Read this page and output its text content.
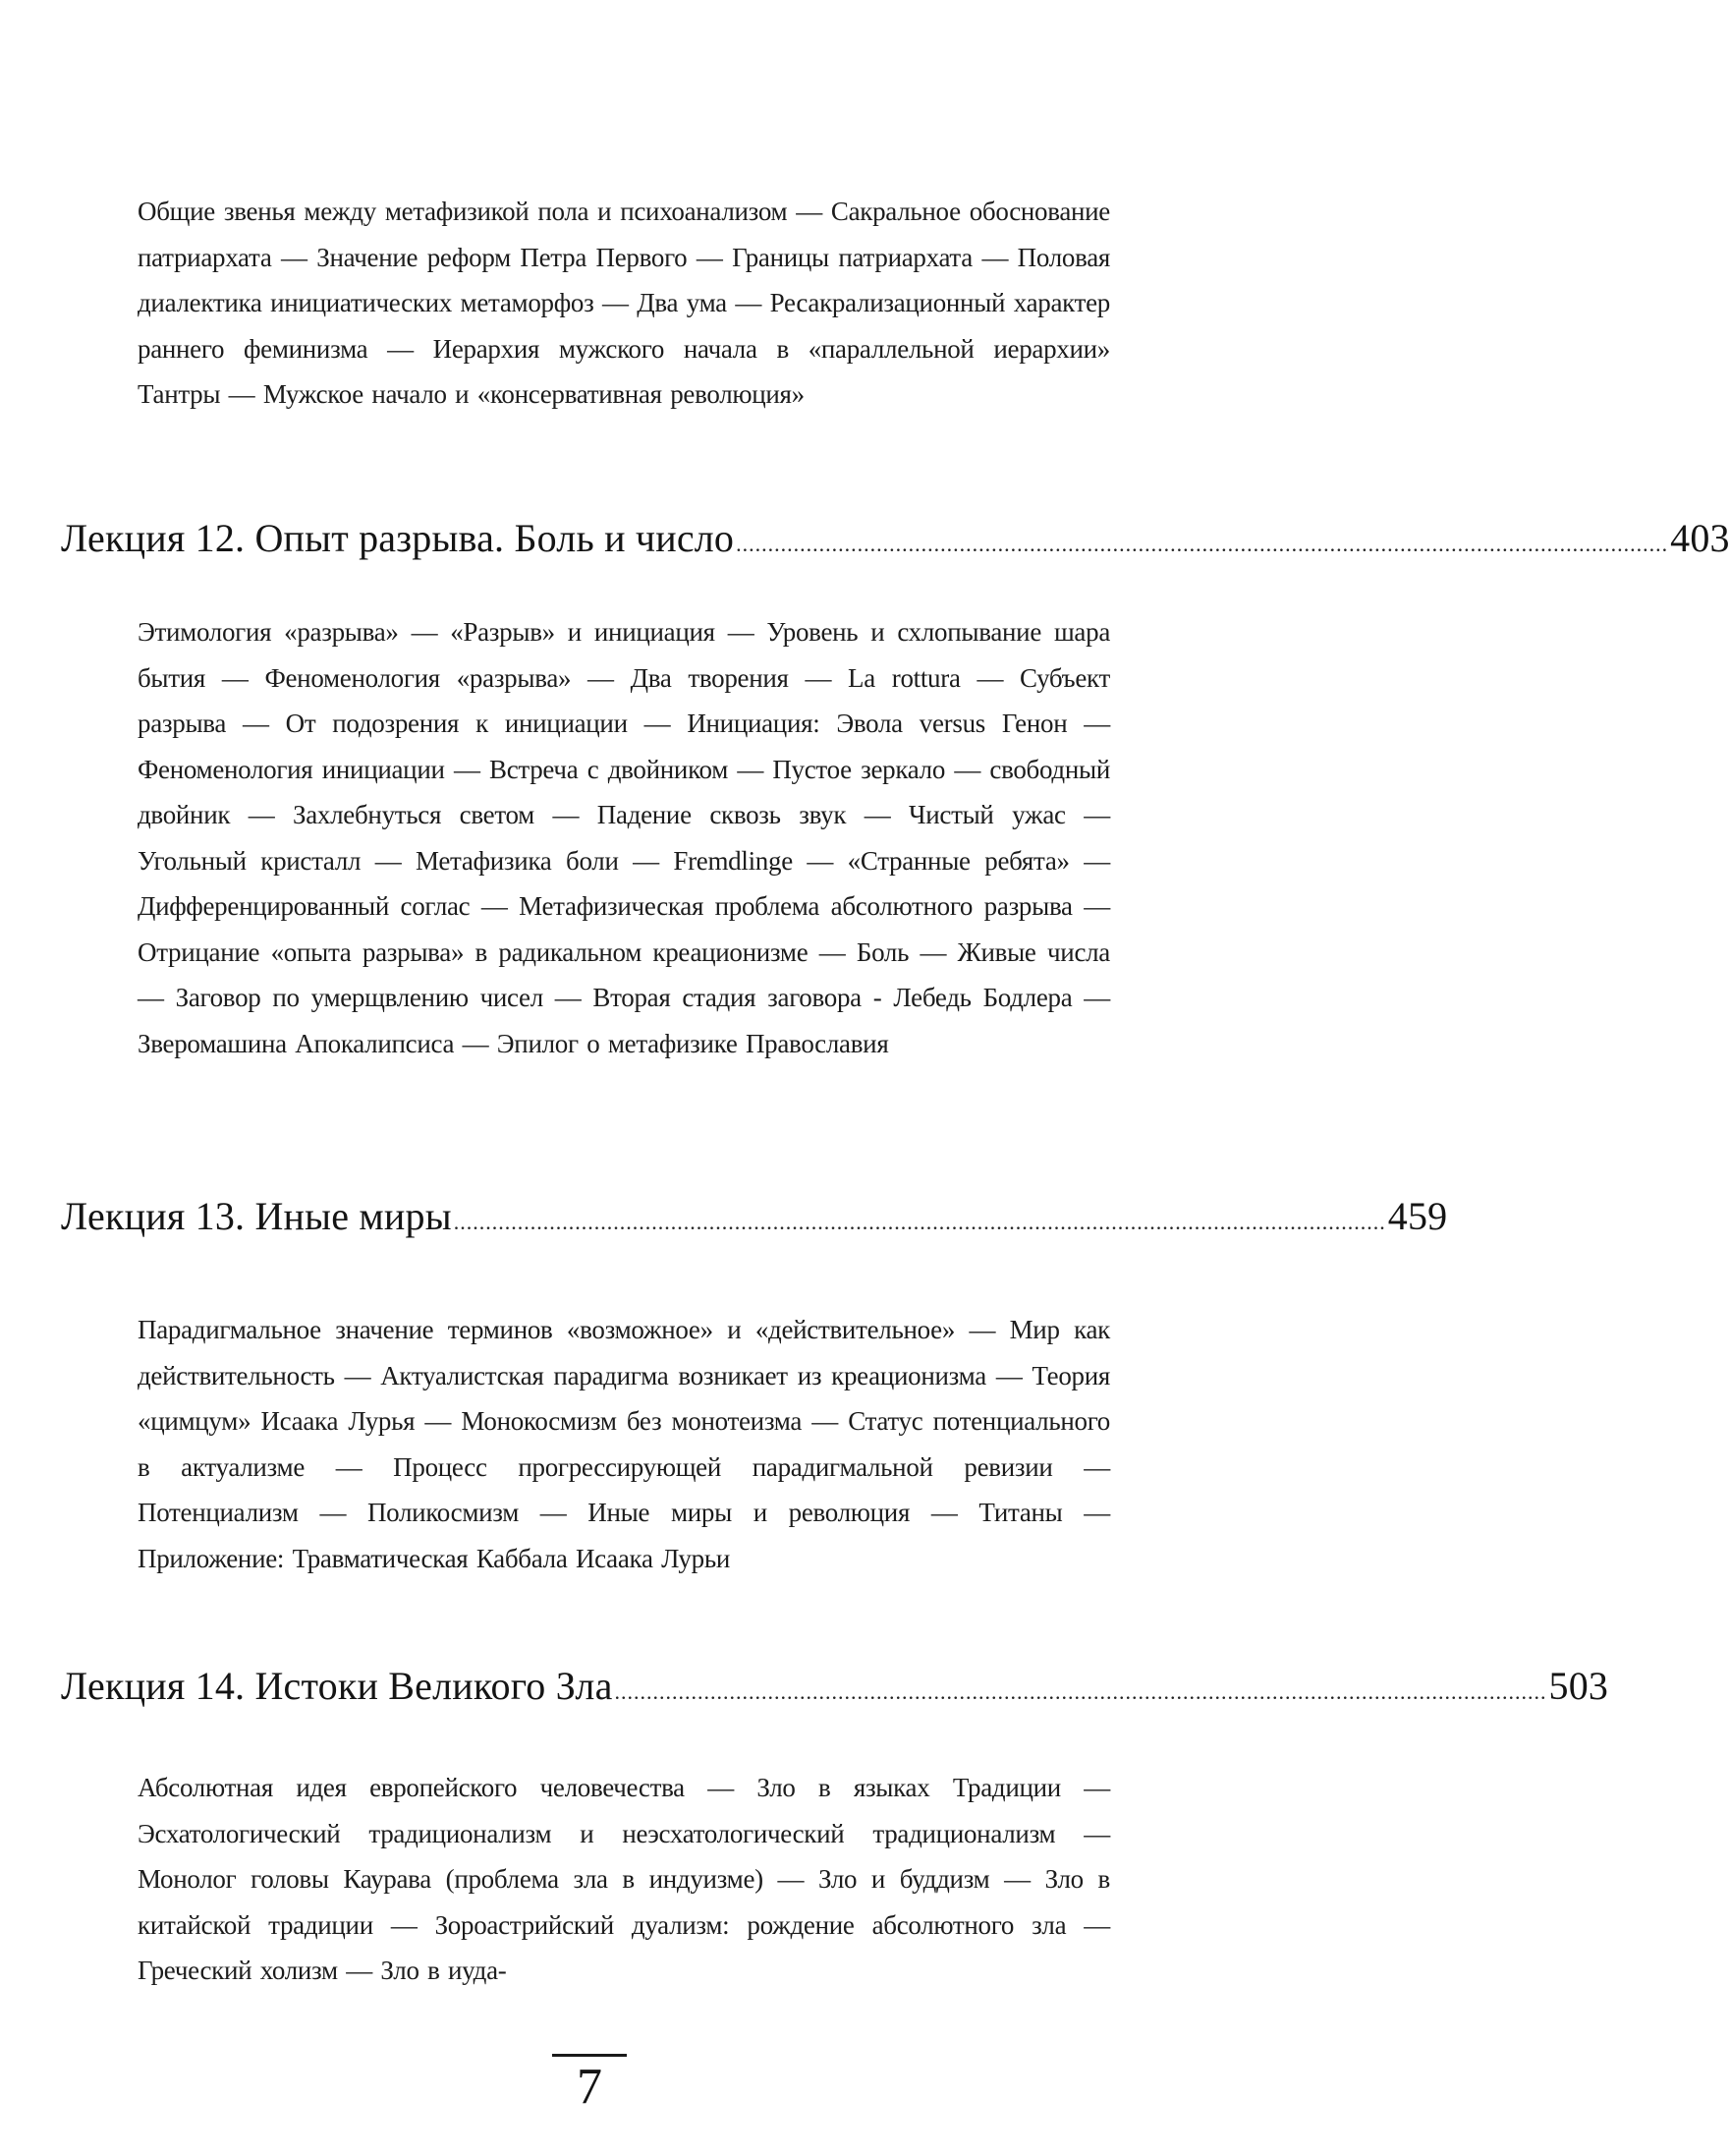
Общие звенья между метафизикой пола и психоанализом — Сакральное обоснование патриархата — Значение реформ Петра Первого — Границы патриархата — Половая диалектика инициатических метаморфоз — Два ума — Ресакрализационный характер раннего феминизма — Иерархия мужского начала в «параллельной иерархии» Тантры — Мужское начало и «консервативная революция»

Лекция 12. Опыт разрыва. Боль и число .................................................................................................................................................. 403

Этимология «разрыва» — «Разрыв» и инициация — Уровень и схлопывание шара бытия — Феноменология «разрыва» — Два творения — La rottura — Субъект разрыва — От подозрения к инициации — Инициация: Эвола versus Генон — Феноменология инициации — Встреча с двойником — Пустое зеркало — свободный двойник — Захлебнуться светом — Падение сквозь звук — Чистый ужас — Угольный кристалл — Метафизика боли — Fremdlinge — «Странные ребята» — Дифференцированный соглас — Метафизическая проблема абсолютного разрыва — Отрицание «опыта разрыва» в радикальном креационизме — Боль — Живые числа — Заговор по умерщвлению чисел — Вторая стадия заговора - Лебедь Бодлера — Зверомашина Апокалипсиса — Эпилог о метафизике Православия

Лекция 13. Иные миры .................................................................................................................................................. 459

Парадигмальное значение терминов «возможное» и «действительное» — Мир как действительность — Актуалистская парадигма возникает из креационизма — Теория «цимцум» Исаака Лурья — Монокосмизм без монотеизма — Статус потенциального в актуализме — Процесс прогрессирующей парадигмальной ревизии — Потенциализм — Поликосмизм — Иные миры и революция — Титаны — Приложение: Травматическая Каббала Исаака Лурьи

Лекция 14. Истоки Великого Зла .................................................................................................................................................. 503

Абсолютная идея европейского человечества — Зло в языках Традиции — Эсхатологический традиционализм и неэсхатологический традиционализм — Монолог головы Каурава (проблема зла в индуизме) — Зло и буддизм — Зло в китайской традиции — Зороастрийский дуализм: рождение абсолютного зла — Греческий холизм — Зло в иуда-

7
